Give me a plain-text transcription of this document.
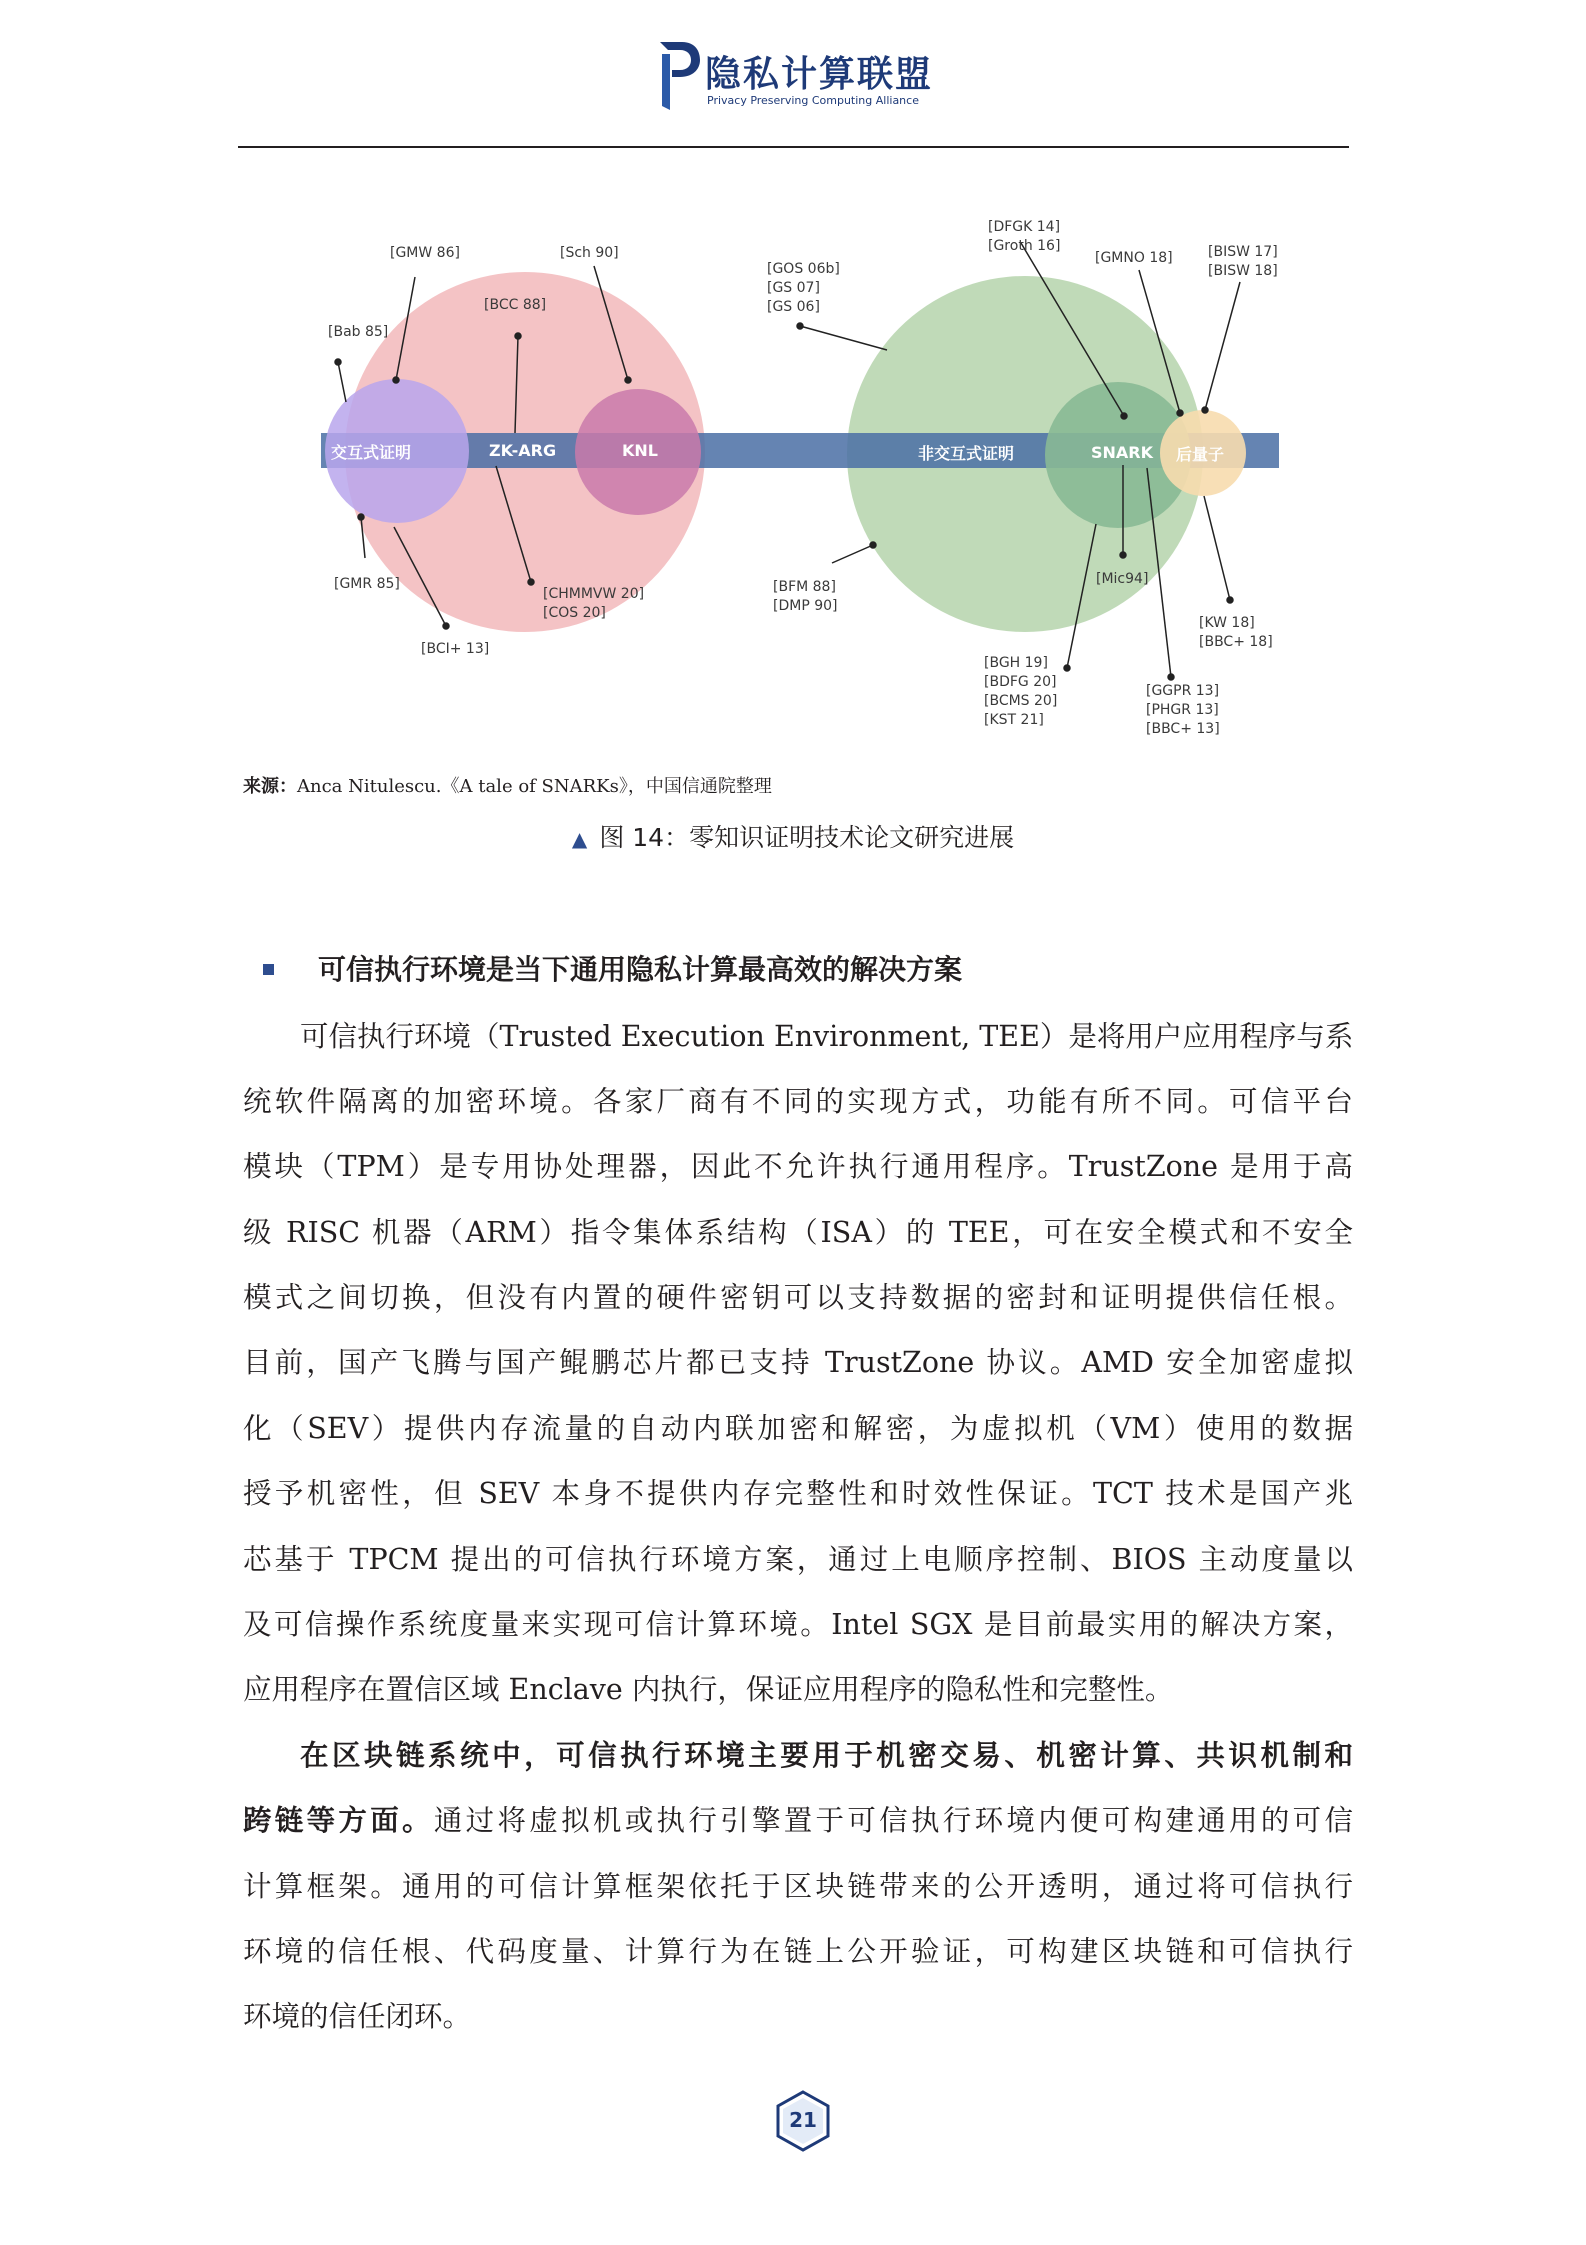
隐私计算联盟
Privacy Preserving Computing Alliance
交互式证明	ZK-ARG	KNL	非交互式证明	SNARK 后量子
[GMW 86]	[Sch 90]
[BCC 88]
[Bab 85]
[GMR 85]
[CHMMVW 20]
[COS 20]
[BCI+ 13]
[DFGK 14]
[Groth 16]
[GMNO 18]	[BISW 17]
[BISW 18]
[GOS 06b]
[GS 07]
[GS 06]
[BFM 88]
[DMP 90]
[Mic94]
[KW 18]
[BBC+ 18]
[BGH 19]
[BDFG 20]
[BCMS 20]
[KST 21]
[GGPR 13]
[PHGR 13]
[BBC+ 13]
来源：Anca Nitulescu.《A tale of SNARKs》，中国信通院整理
▲ 图 14：零知识证明技术论文研究进展
可信执行环境是当下通用隐私计算最高效的解决方案
可信执行环境（Trusted Execution Environment, TEE）是将用户应用程序与系
统软件隔离的加密环境。各家厂商有不同的实现方式，功能有所不同。可信平台
模块（TPM）是专用协处理器，因此不允许执行通用程序。TrustZone 是用于高
级 RISC 机器（ARM）指令集体系结构（ISA）的 TEE，可在安全模式和不安全
模式之间切换，但没有内置的硬件密钥可以支持数据的密封和证明提供信任根。
目前，国产飞腾与国产鲲鹏芯片都已支持 TrustZone 协议。AMD 安全加密虚拟
化（SEV）提供内存流量的自动内联加密和解密，为虚拟机（VM）使用的数据
授予机密性，但 SEV 本身不提供内存完整性和时效性保证。TCT 技术是国产兆
芯基于 TPCM 提出的可信执行环境方案，通过上电顺序控制、BIOS 主动度量以
及可信操作系统度量来实现可信计算环境。Intel SGX 是目前最实用的解决方案，
应用程序在置信区域 Enclave 内执行，保证应用程序的隐私性和完整性。
在区块链系统中，可信执行环境主要用于机密交易、机密计算、共识机制和
跨链等方面。通过将虚拟机或执行引擎置于可信执行环境内便可构建通用的可信
计算框架。通用的可信计算框架依托于区块链带来的公开透明，通过将可信执行
环境的信任根、代码度量、计算行为在链上公开验证，可构建区块链和可信执行
环境的信任闭环。
21
